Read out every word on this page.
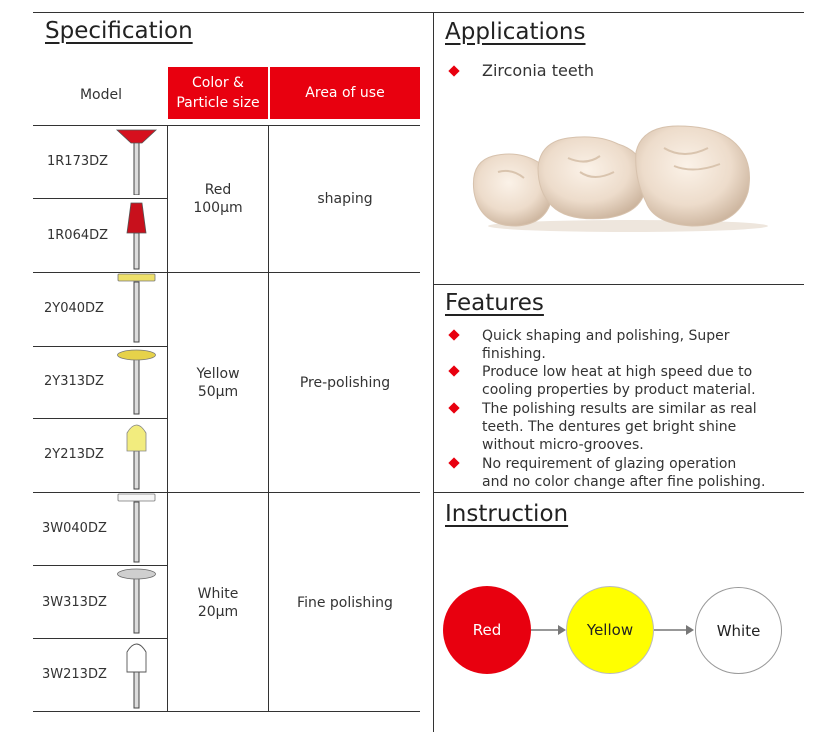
Specification
Model
Color &
Particle size
Area of use
1R173DZ
1R064DZ
2Y040DZ
2Y313DZ
2Y213DZ
3W040DZ
3W313DZ
3W213DZ
Red
100µm
shaping
Yellow
50µm
Pre-polishing
White
20µm
Fine polishing
Applications
Zirconia teeth
Features
Quick shaping and polishing, Super
finishing.
Produce low heat at high speed due to
cooling properties by product material.
The polishing results are similar as real
teeth. The dentures get bright shine
without micro-grooves.
No requirement of glazing operation
and no color change after fine polishing.
Instruction
Red	Yellow	White
